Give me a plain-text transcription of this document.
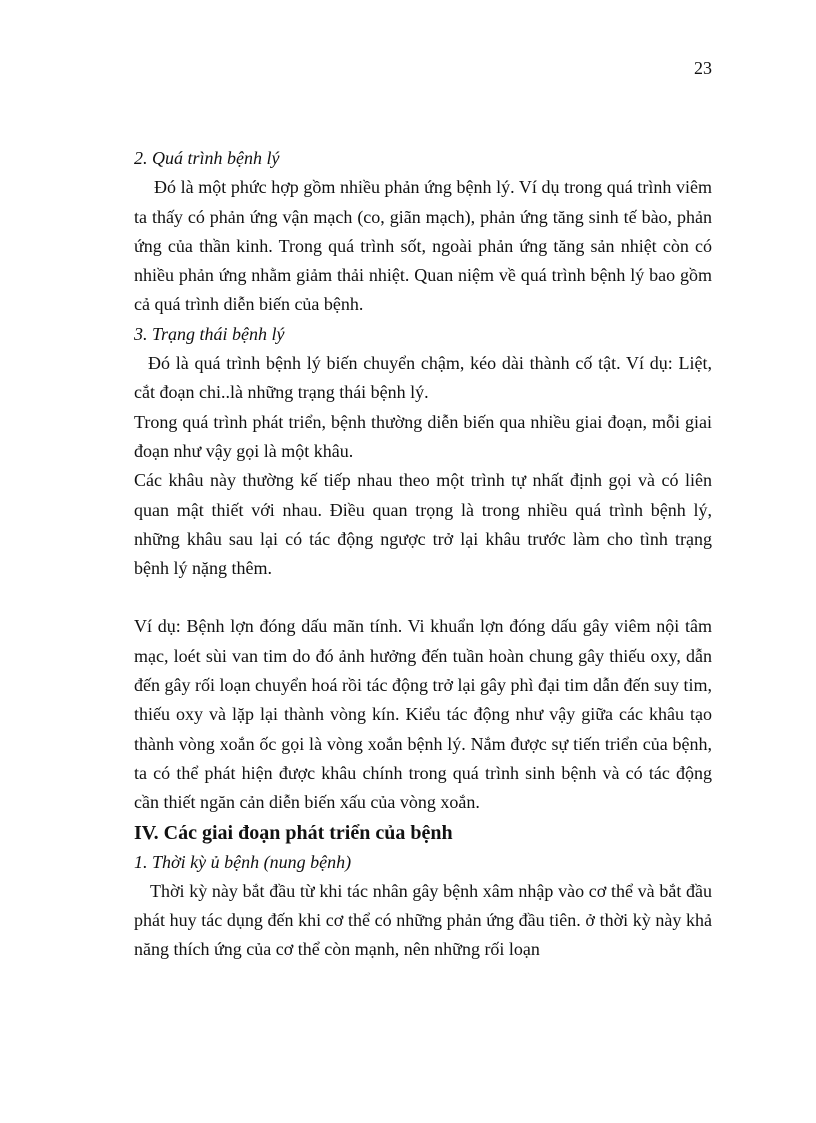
23

2. Quá trình bệnh lý

Đó là một phức hợp gồm nhiều phản ứng bệnh lý. Ví dụ trong quá trình viêm ta thấy có phản ứng vận mạch (co, giãn mạch), phản ứng tăng sinh tế bào, phản ứng của thần kinh. Trong quá trình sốt, ngoài phản ứng tăng sản nhiệt còn có nhiều phản ứng nhằm giảm thải nhiệt. Quan niệm về quá trình bệnh lý bao gồm cả quá trình diễn biến của bệnh.

3. Trạng thái bệnh lý

Đó là quá trình bệnh lý biến chuyển chậm, kéo dài thành cố tật. Ví dụ: Liệt, cắt đoạn chi..là những trạng thái bệnh lý.

Trong quá trình phát triển, bệnh thường diễn biến qua nhiều giai đoạn, mỗi giai đoạn như vậy gọi là một khâu.

Các khâu này thường kế tiếp nhau theo một trình tự nhất định gọi và có liên quan mật thiết với nhau. Điều quan trọng là trong nhiều quá trình bệnh lý, những khâu sau lại có tác động ngược trở lại khâu trước làm cho tình trạng bệnh lý nặng thêm.

Ví dụ: Bệnh lợn đóng dấu mãn tính. Vi khuẩn lợn đóng dấu gây viêm nội tâm mạc, loét sùi van tim do đó ảnh hưởng đến tuần hoàn chung gây thiếu oxy, dẫn đến gây rối loạn chuyển hoá rồi tác động trở lại gây phì đại tim dẫn đến suy tim, thiếu oxy và lặp lại thành vòng kín. Kiểu tác động như vậy giữa các khâu tạo thành vòng xoắn ốc gọi là vòng xoắn bệnh lý. Nắm được sự tiến triển của bệnh, ta có thể phát hiện được khâu chính trong quá trình sinh bệnh và có tác động cần thiết ngăn cản diễn biến xấu của vòng xoắn.

IV. Các giai đoạn phát triển của bệnh

1. Thời kỳ ủ bệnh (nung bệnh)

Thời kỳ này bắt đầu từ khi tác nhân gây bệnh xâm nhập vào cơ thể và bắt đầu phát huy tác dụng đến khi cơ thể có những phản ứng đầu tiên. ở thời kỳ này khả năng thích ứng của cơ thể còn mạnh, nên những rối loạn
